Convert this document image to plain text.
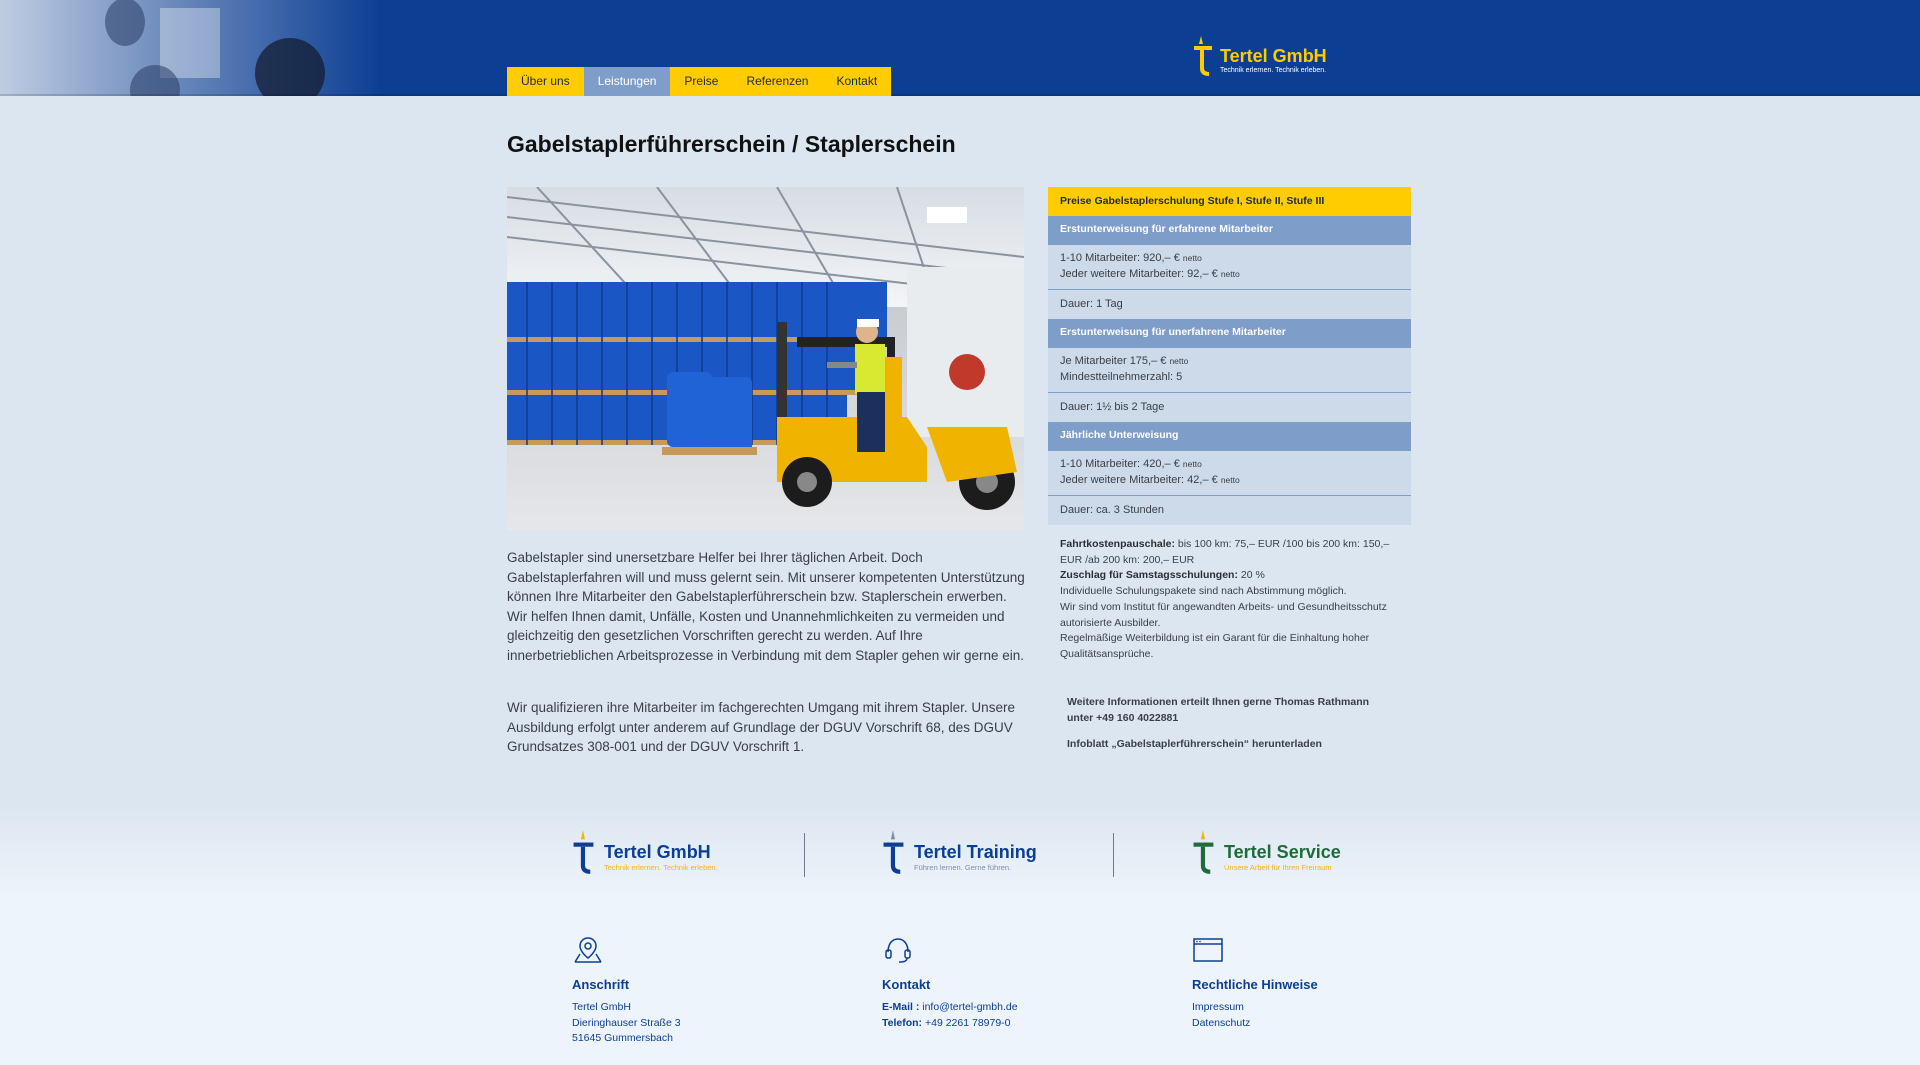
Über uns	Leistungen	Preise	Referenzen	Kontakt
Tertel GmbH
Technik erlernen. Technik erleben.
Gabelstaplerführerschein / Staplerschein

Gabelstapler sind unersetzbare Helfer bei Ihrer täglichen Arbeit. Doch Gabelstaplerfahren will und muss gelernt sein. Mit unserer kompetenten Unterstützung können Ihre Mitarbeiter den Gabelstaplerführerschein bzw. Staplerschein erwerben. Wir helfen Ihnen damit, Unfälle, Kosten und Unannehmlichkeiten zu vermeiden und gleichzeitig den gesetzlichen Vorschriften gerecht zu werden. Auf Ihre innerbetrieblichen Arbeitsprozesse in Verbindung mit dem Stapler gehen wir gerne ein.

Wir qualifizieren ihre Mitarbeiter im fachgerechten Umgang mit ihrem Stapler. Unsere Ausbildung erfolgt unter anderem auf Grundlage der DGUV Vorschrift 68, des DGUV Grundsatzes 308-001 und der DGUV Vorschrift 1.

Preise Gabelstaplerschulung Stufe I, Stufe II, Stufe III
Erstunterweisung für erfahrene Mitarbeiter
1-10 Mitarbeiter: 920,– € netto
Jeder weitere Mitarbeiter: 92,– € netto
Dauer: 1 Tag
Erstunterweisung für unerfahrene Mitarbeiter
Je Mitarbeiter 175,– € netto
Mindestteilnehmerzahl: 5
Dauer: 1½ bis 2 Tage
Jährliche Unterweisung
1-10 Mitarbeiter: 420,– € netto
Jeder weitere Mitarbeiter: 42,– € netto
Dauer: ca. 3 Stunden
Fahrtkostenpauschale: bis 100 km: 75,– EUR /100 bis 200 km: 150,– EUR /ab 200 km: 200,– EUR
Zuschlag für Samstagsschulungen: 20 %
Individuelle Schulungspakete sind nach Abstimmung möglich.
Wir sind vom Institut für angewandten Arbeits- und Gesundheitsschutz autorisierte Ausbilder.
Regelmäßige Weiterbildung ist ein Garant für die Einhaltung hoher Qualitätsansprüche.
Weitere Informationen erteilt Ihnen gerne Thomas Rathmann
unter +49 160 4022881
Infoblatt „Gabelstaplerführerschein“ herunterladen
Tertel GmbH
Technik erlernen. Technik erleben.
Tertel Training
Führen lernen. Gerne führen.
Tertel Service
Unsere Arbeit für Ihren Freiraum
Anschrift
Tertel GmbH
Dieringhauser Straße 3
51645 Gummersbach
Kontakt
E-Mail : info@tertel-gmbh.de
Telefon: +49 2261 78979-0
Rechtliche Hinweise
Impressum
Datenschutz
